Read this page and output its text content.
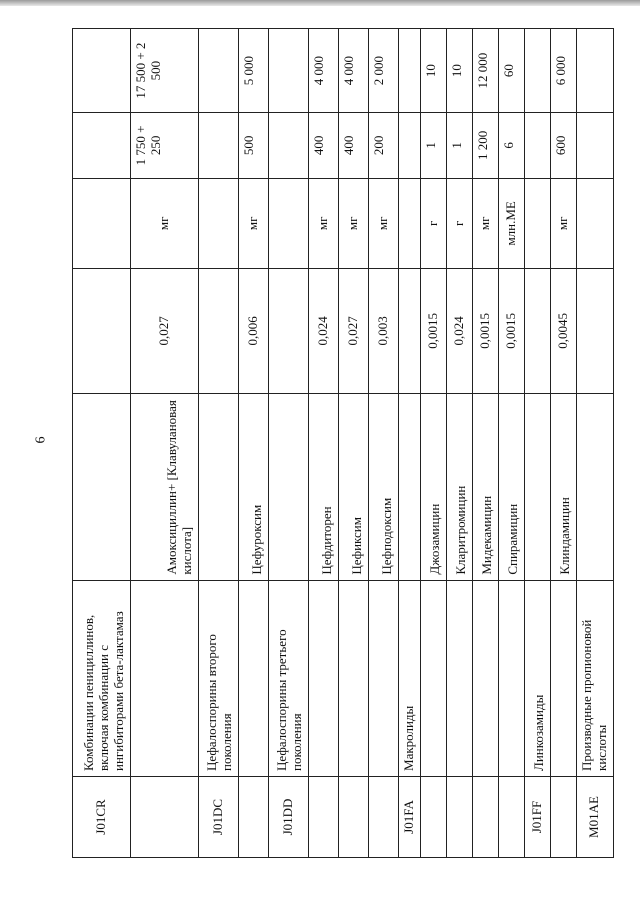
6
J01CR	Комбинации пенициллинов, включая комбинации с ингибиторами бета-лактамаз					
		Амоксициллин+ [Клавулановая кислота]	0,027	мг	1 750 + 250	17 500 + 2 500
J01DC	Цефалоспорины второго поколения					
		Цефуроксим	0,006	мг	500	5 000
J01DD	Цефалоспорины третьего поколения					
		Цефдиторен	0,024	мг	400	4 000
		Цефиксим	0,027	мг	400	4 000
		Цефподоксим	0,003	мг	200	2 000
J01FA	Макролиды					
		Джозамицин	0,0015	г	1	10
		Кларитромицин	0,024	г	1	10
		Мидекамицин	0,0015	мг	1 200	12 000
		Спирамицин	0,0015	млн.МЕ	6	60
J01FF	Линкозамиды					
		Клиндамицин	0,0045	мг	600	6 000
M01AE	Производные пропионовой кислоты					
